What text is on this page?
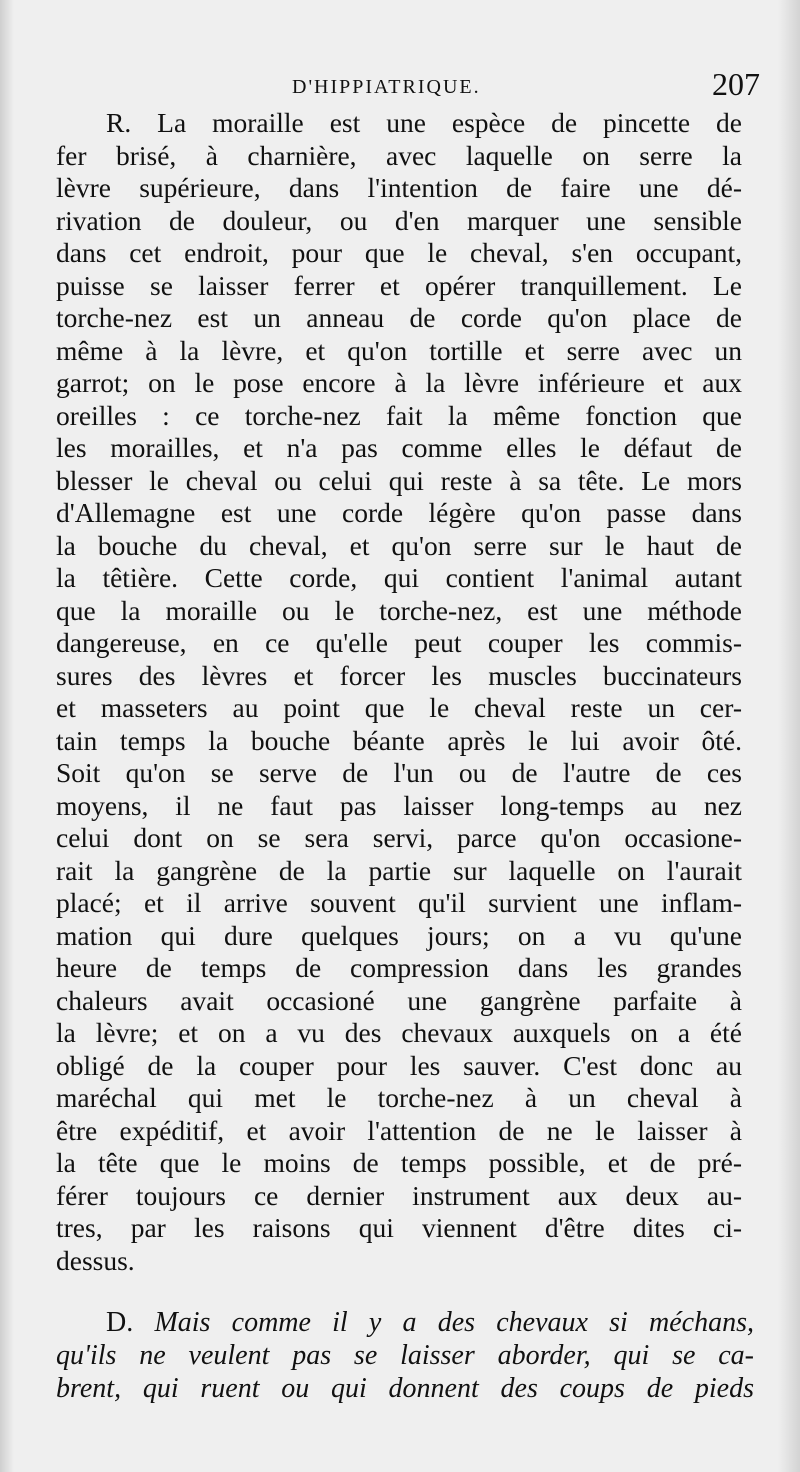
D'HIPPIATRIQUE.	207
R. La moraille est une espèce de pincette de
fer brisé, à charnière, avec laquelle on serre la
lèvre supérieure, dans l'intention de faire une dé-
rivation de douleur, ou d'en marquer une sensible
dans cet endroit, pour que le cheval, s'en occupant,
puisse se laisser ferrer et opérer tranquillement. Le
torche-nez est un anneau de corde qu'on place de
même à la lèvre, et qu'on tortille et serre avec un
garrot; on le pose encore à la lèvre inférieure et aux
oreilles : ce torche-nez fait la même fonction que
les morailles, et n'a pas comme elles le défaut de
blesser le cheval ou celui qui reste à sa tête. Le mors
d'Allemagne est une corde légère qu'on passe dans
la bouche du cheval, et qu'on serre sur le haut de
la têtière. Cette corde, qui contient l'animal autant
que la moraille ou le torche-nez, est une méthode
dangereuse, en ce qu'elle peut couper les commis-
sures des lèvres et forcer les muscles buccinateurs
et masseters au point que le cheval reste un cer-
tain temps la bouche béante après le lui avoir ôté.
Soit qu'on se serve de l'un ou de l'autre de ces
moyens, il ne faut pas laisser long-temps au nez
celui dont on se sera servi, parce qu'on occasione-
rait la gangrène de la partie sur laquelle on l'aurait
placé; et il arrive souvent qu'il survient une inflam-
mation qui dure quelques jours; on a vu qu'une
heure de temps de compression dans les grandes
chaleurs avait occasioné une gangrène parfaite à
la lèvre; et on a vu des chevaux auxquels on a été
obligé de la couper pour les sauver. C'est donc au
maréchal qui met le torche-nez à un cheval à
être expéditif, et avoir l'attention de ne le laisser à
la tête que le moins de temps possible, et de pré-
férer toujours ce dernier instrument aux deux au-
tres, par les raisons qui viennent d'être dites ci-
dessus.
D. Mais comme il y a des chevaux si méchans,
qu'ils ne veulent pas se laisser aborder, qui se ca-
brent, qui ruent ou qui donnent des coups de pieds
